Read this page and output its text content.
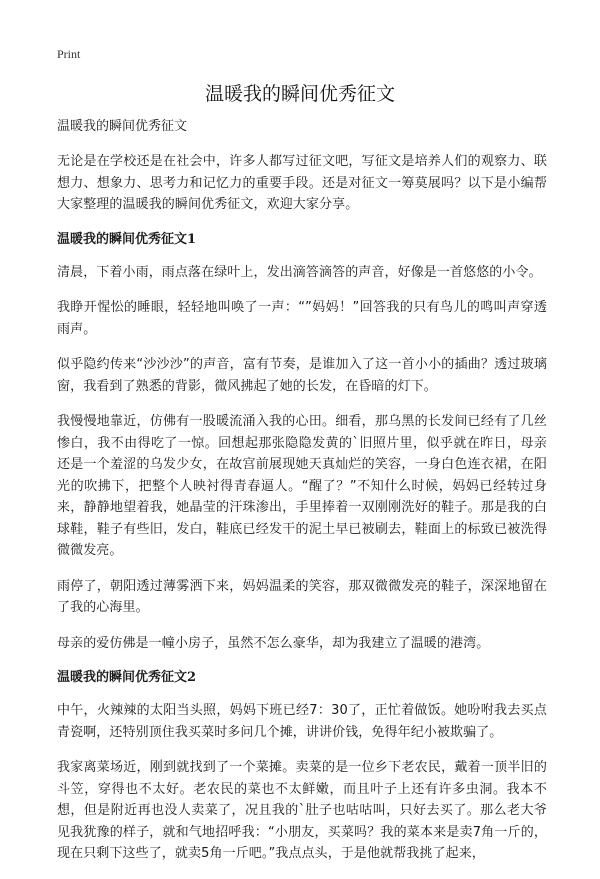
Print
温暖我的瞬间优秀征文
温暖我的瞬间优秀征文

无论是在学校还是在社会中，许多人都写过征文吧，写征文是培养人们的观察力、联想力、想象力、思考力和记忆力的重要手段。还是对征文一筹莫展吗？以下是小编帮大家整理的温暖我的瞬间优秀征文，欢迎大家分享。

温暖我的瞬间优秀征文1

清晨，下着小雨，雨点落在绿叶上，发出滴答滴答的声音，好像是一首悠悠的小令。

我睁开惺忪的睡眼，轻轻地叫唤了一声：“”妈妈！”回答我的只有鸟儿的鸣叫声穿透雨声。

似乎隐约传来“沙沙沙”的声音，富有节奏，是谁加入了这一首小小的插曲？透过玻璃窗，我看到了熟悉的背影，微风拂起了她的长发，在昏暗的灯下。

我慢慢地靠近，仿佛有一股暖流涌入我的心田。细看，那乌黑的长发间已经有了几丝惨白，我不由得吃了一惊。回想起那张隐隐发黄的`旧照片里，似乎就在昨日，母亲还是一个羞涩的乌发少女，在故宫前展现她天真灿烂的笑容，一身白色连衣裙，在阳光的吹拂下，把整个人映衬得青春逼人。“醒了？”不知什么时候，妈妈已经转过身来，静静地望着我，她晶莹的汗珠渗出，手里捧着一双刚刚洗好的鞋子。那是我的白球鞋，鞋子有些旧，发白，鞋底已经发干的泥土早已被刷去，鞋面上的标致已被洗得微微发亮。

雨停了，朝阳透过薄雾洒下来，妈妈温柔的笑容，那双微微发亮的鞋子，深深地留在了我的心海里。

母亲的爱仿佛是一幢小房子，虽然不怎么豪华，却为我建立了温暖的港湾。

温暖我的瞬间优秀征文2

中午，火辣辣的太阳当头照，妈妈下班已经7：30了，正忙着做饭。她吩咐我去买点青瓷啊，还特别顶住我买菜时多问几个摊，讲讲价钱，免得年纪小被欺骗了。

我家离菜场近，刚到就找到了一个菜摊。卖菜的是一位乡下老农民，戴着一顶半旧的斗笠，穿得也不太好。老农民的菜也不太鲜嫩，而且叶子上还有许多虫洞。我本不想，但是附近再也没人卖菜了，况且我的`肚子也咕咕叫，只好去买了。那么老大爷见我犹豫的样子，就和气地招呼我：“小朋友，买菜吗？我的菜本来是卖7角一斤的，现在只剩下这些了，就卖5角一斤吧。”我点点头，于是他就帮我挑了起来，
